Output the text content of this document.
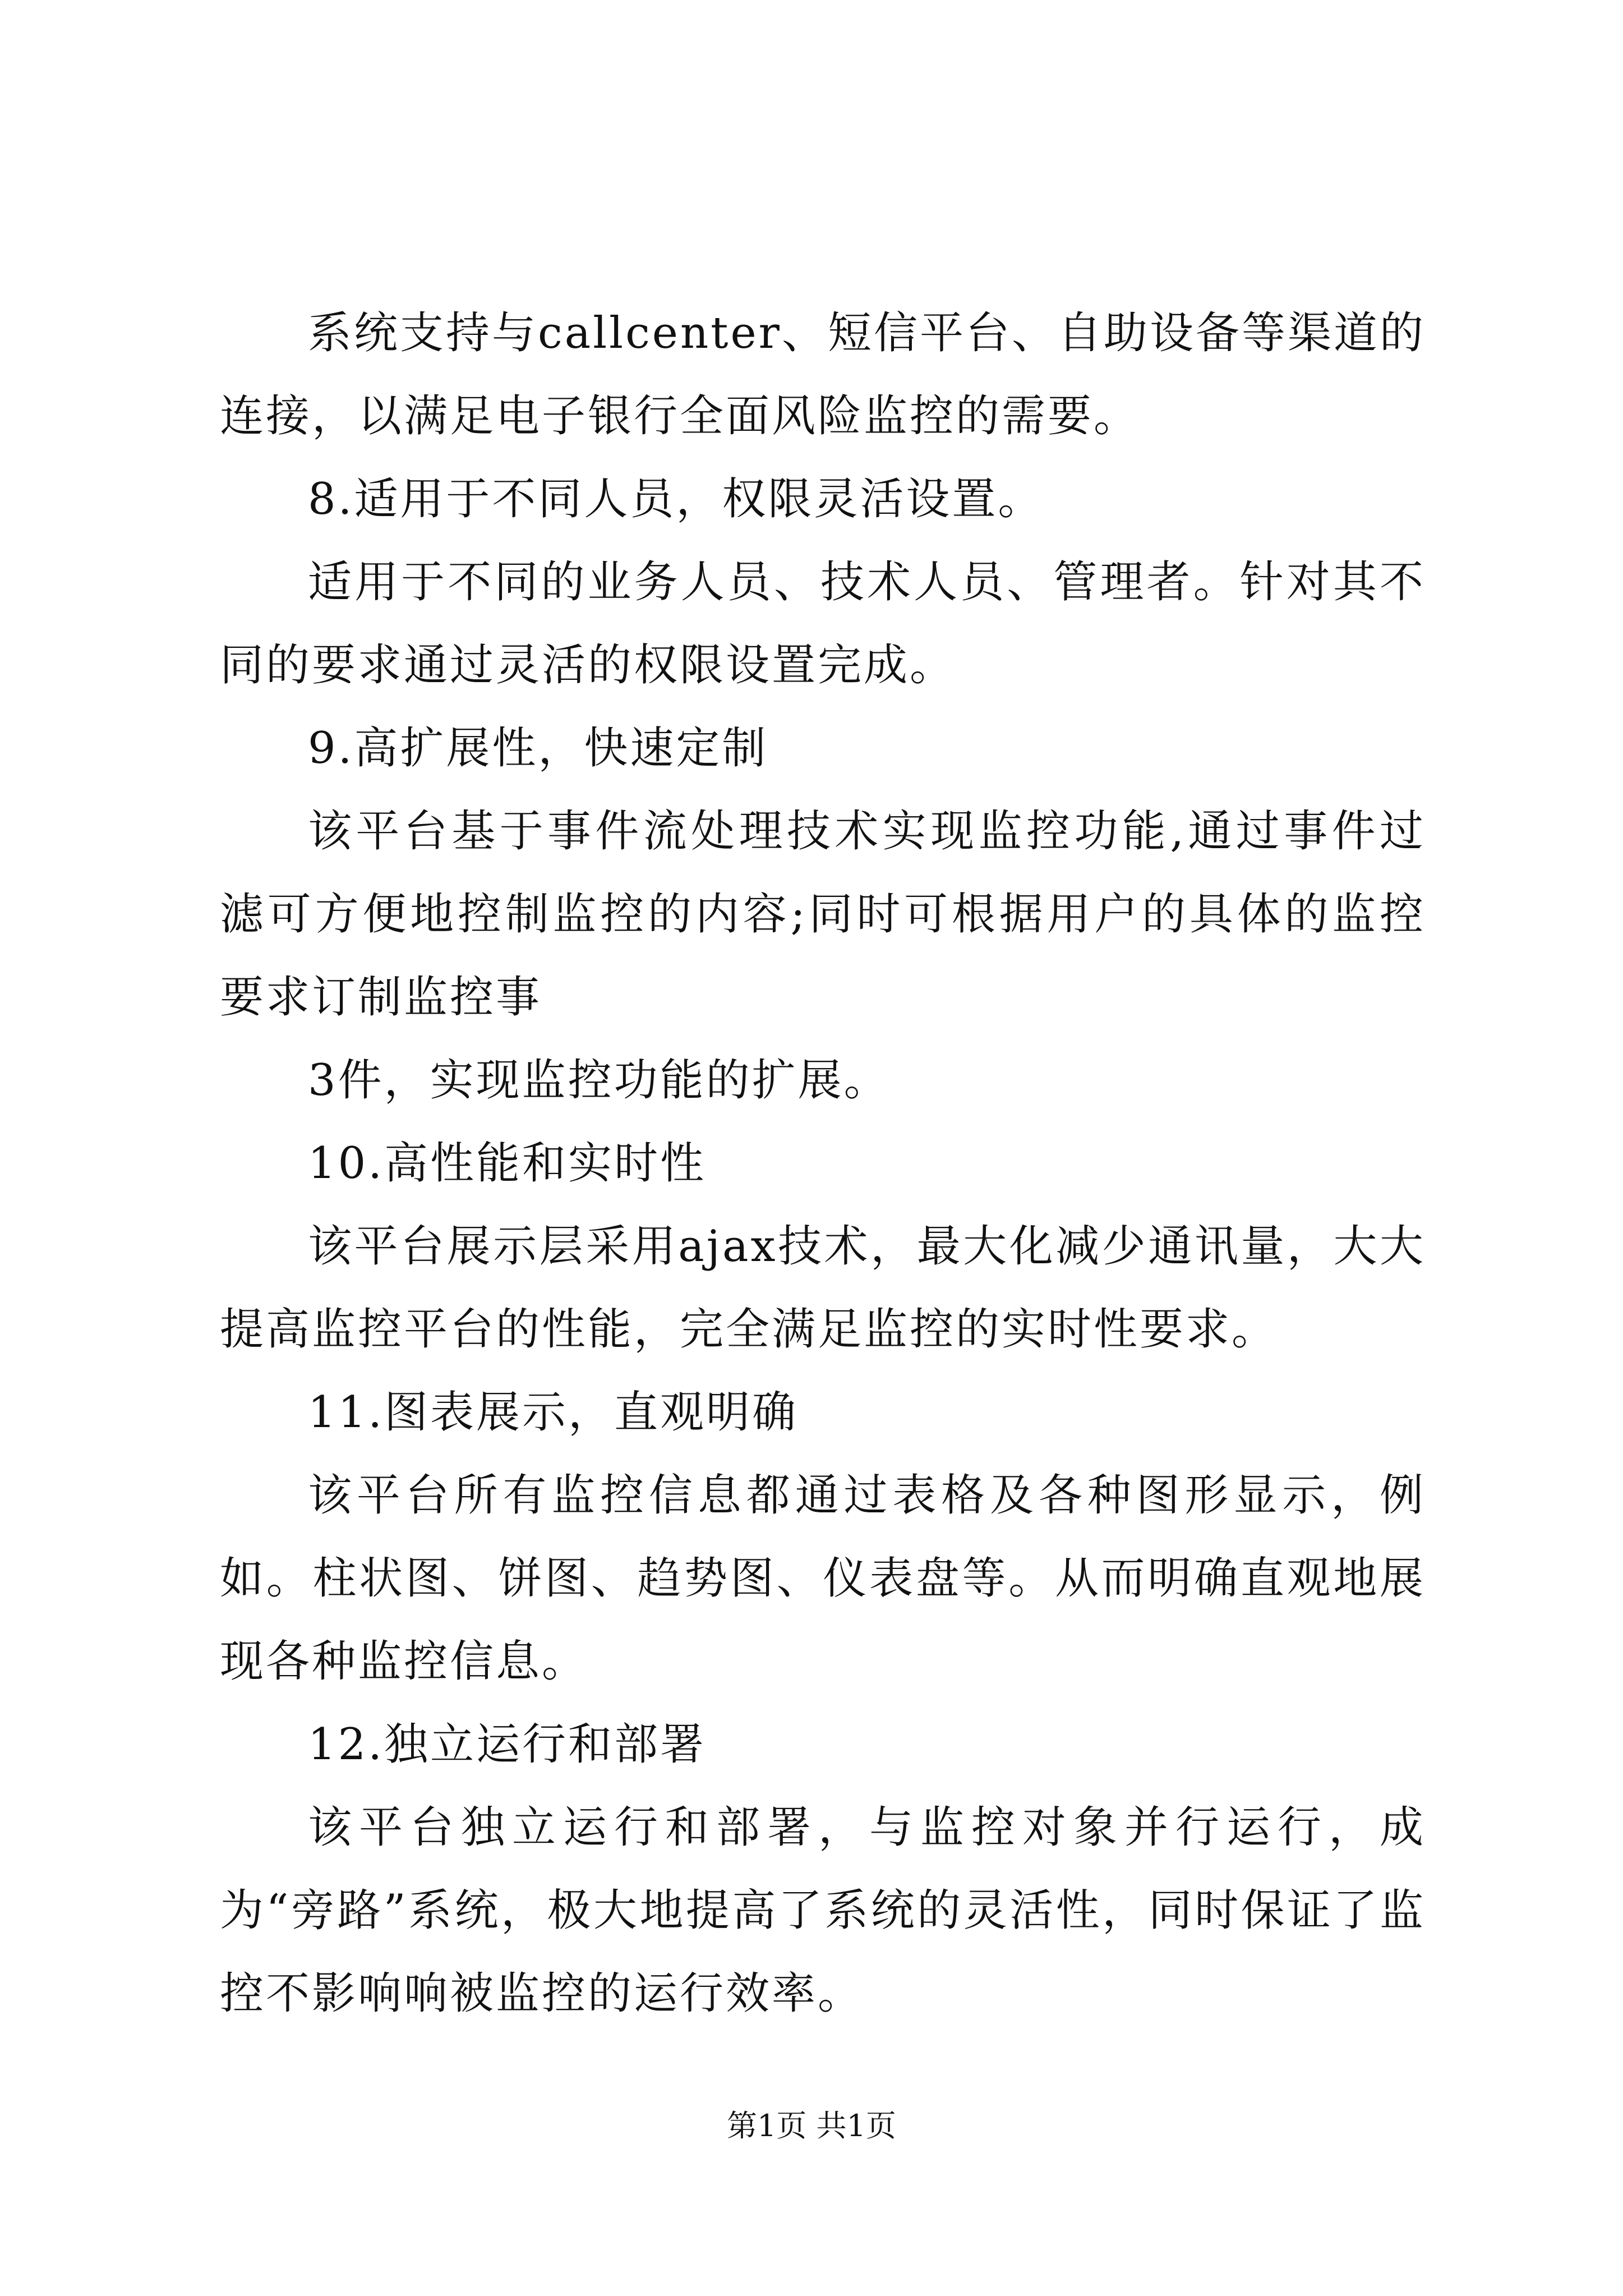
系统支持与callcenter、短信平台、自助设备等渠道的连接，以满足电子银行全面风险监控的需要。

8.适用于不同人员，权限灵活设置。

适用于不同的业务人员、技术人员、管理者。针对其不同的要求通过灵活的权限设置完成。

9.高扩展性，快速定制

该平台基于事件流处理技术实现监控功能,通过事件过滤可方便地控制监控的内容;同时可根据用户的具体的监控要求订制监控事

3件，实现监控功能的扩展。

10.高性能和实时性

该平台展示层采用ajax技术，最大化减少通讯量，大大提高监控平台的性能，完全满足监控的实时性要求。

11.图表展示，直观明确

该平台所有监控信息都通过表格及各种图形显示，例如。柱状图、饼图、趋势图、仪表盘等。从而明确直观地展现各种监控信息。

12.独立运行和部署

该平台独立运行和部署，与监控对象并行运行，成为“旁路”系统，极大地提高了系统的灵活性，同时保证了监控不影响响被监控的运行效率。

第1页 共1页
